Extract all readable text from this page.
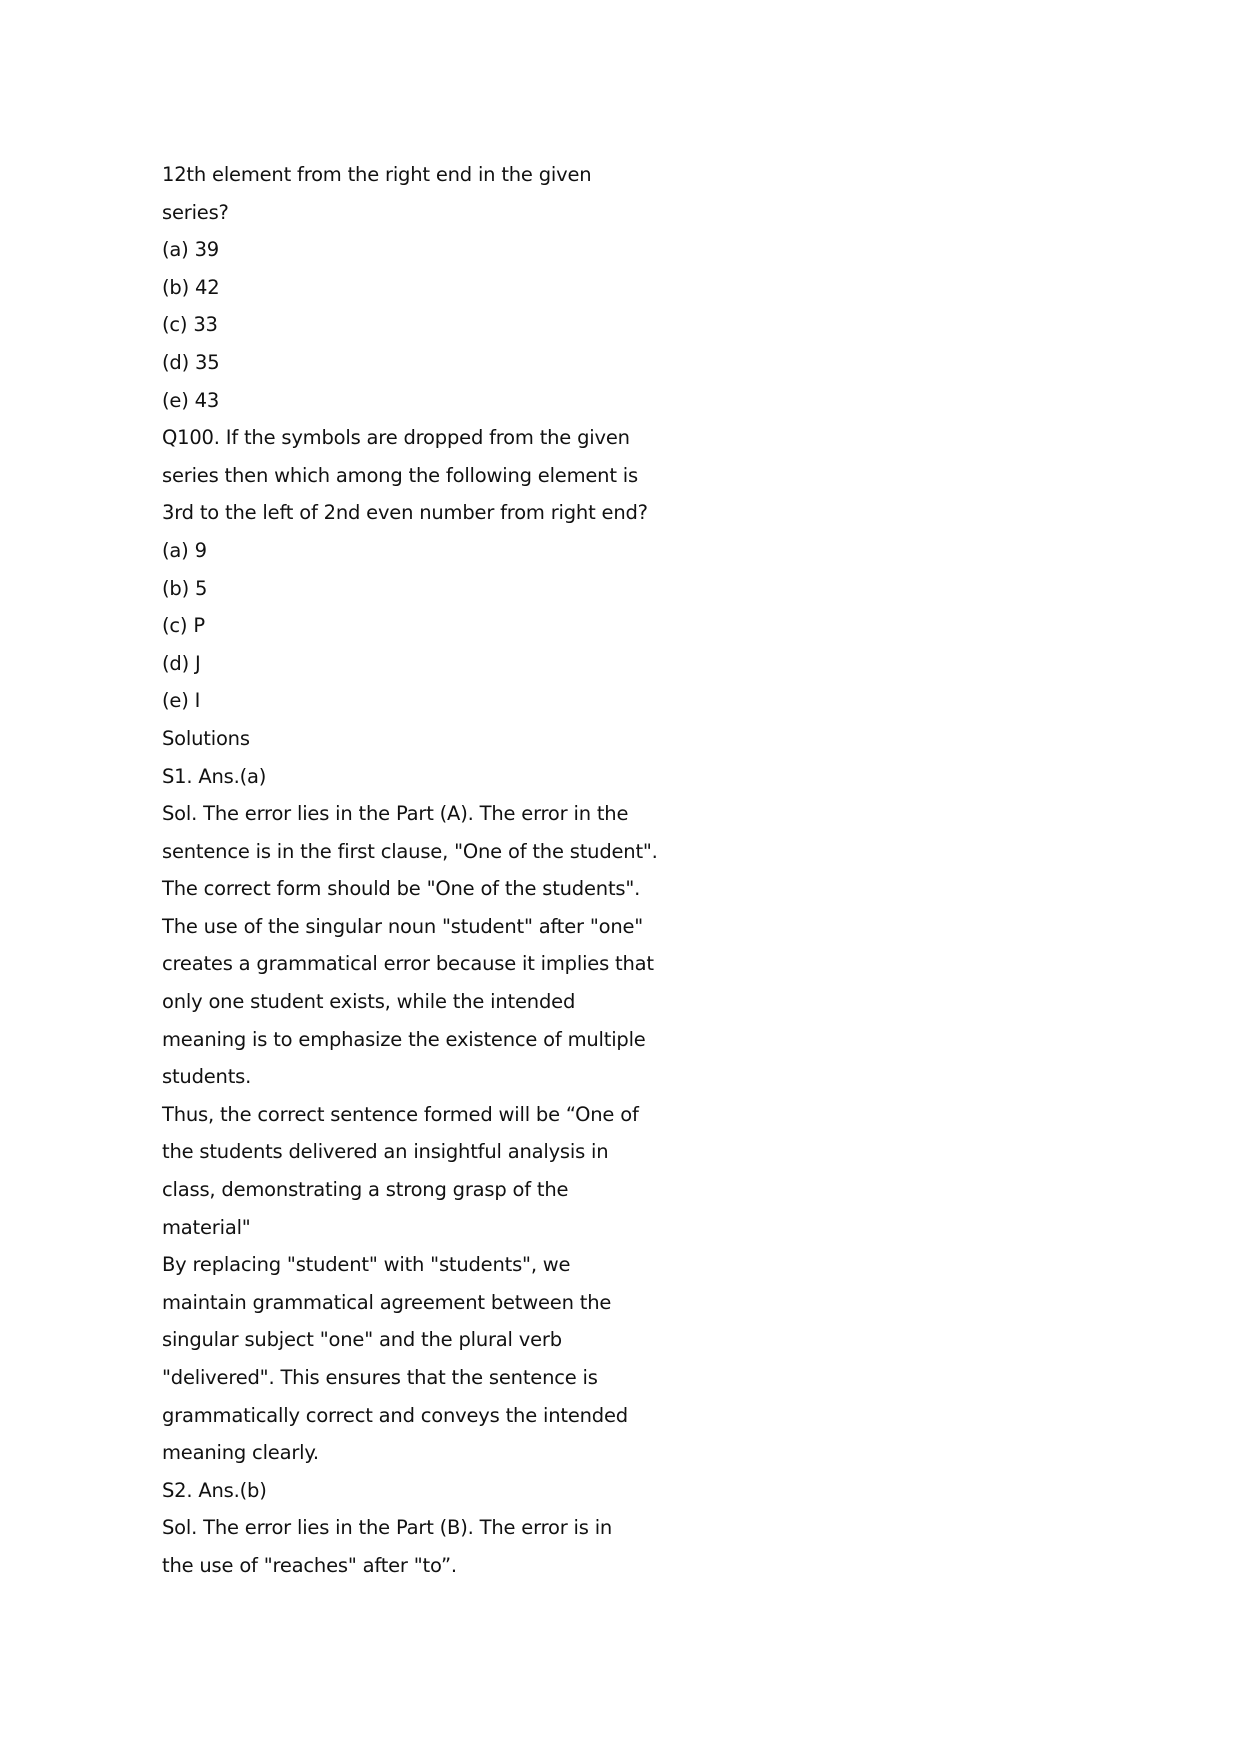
12th element from the right end in the given
series?
(a) 39
(b) 42
(c) 33
(d) 35
(e) 43
Q100. If the symbols are dropped from the given
series then which among the following element is
3rd to the left of 2nd even number from right end?
(a) 9
(b) 5
(c) P
(d) J
(e) I
Solutions
S1. Ans.(a)
Sol. The error lies in the Part (A). The error in the
sentence is in the first clause, "One of the student".
The correct form should be "One of the students".
The use of the singular noun "student" after "one"
creates a grammatical error because it implies that
only one student exists, while the intended
meaning is to emphasize the existence of multiple
students.
Thus, the correct sentence formed will be “One of
the students delivered an insightful analysis in
class, demonstrating a strong grasp of the
material"
By replacing "student" with "students", we
maintain grammatical agreement between the
singular subject "one" and the plural verb
"delivered". This ensures that the sentence is
grammatically correct and conveys the intended
meaning clearly.
S2. Ans.(b)
Sol. The error lies in the Part (B). The error is in
the use of "reaches" after "to”.
